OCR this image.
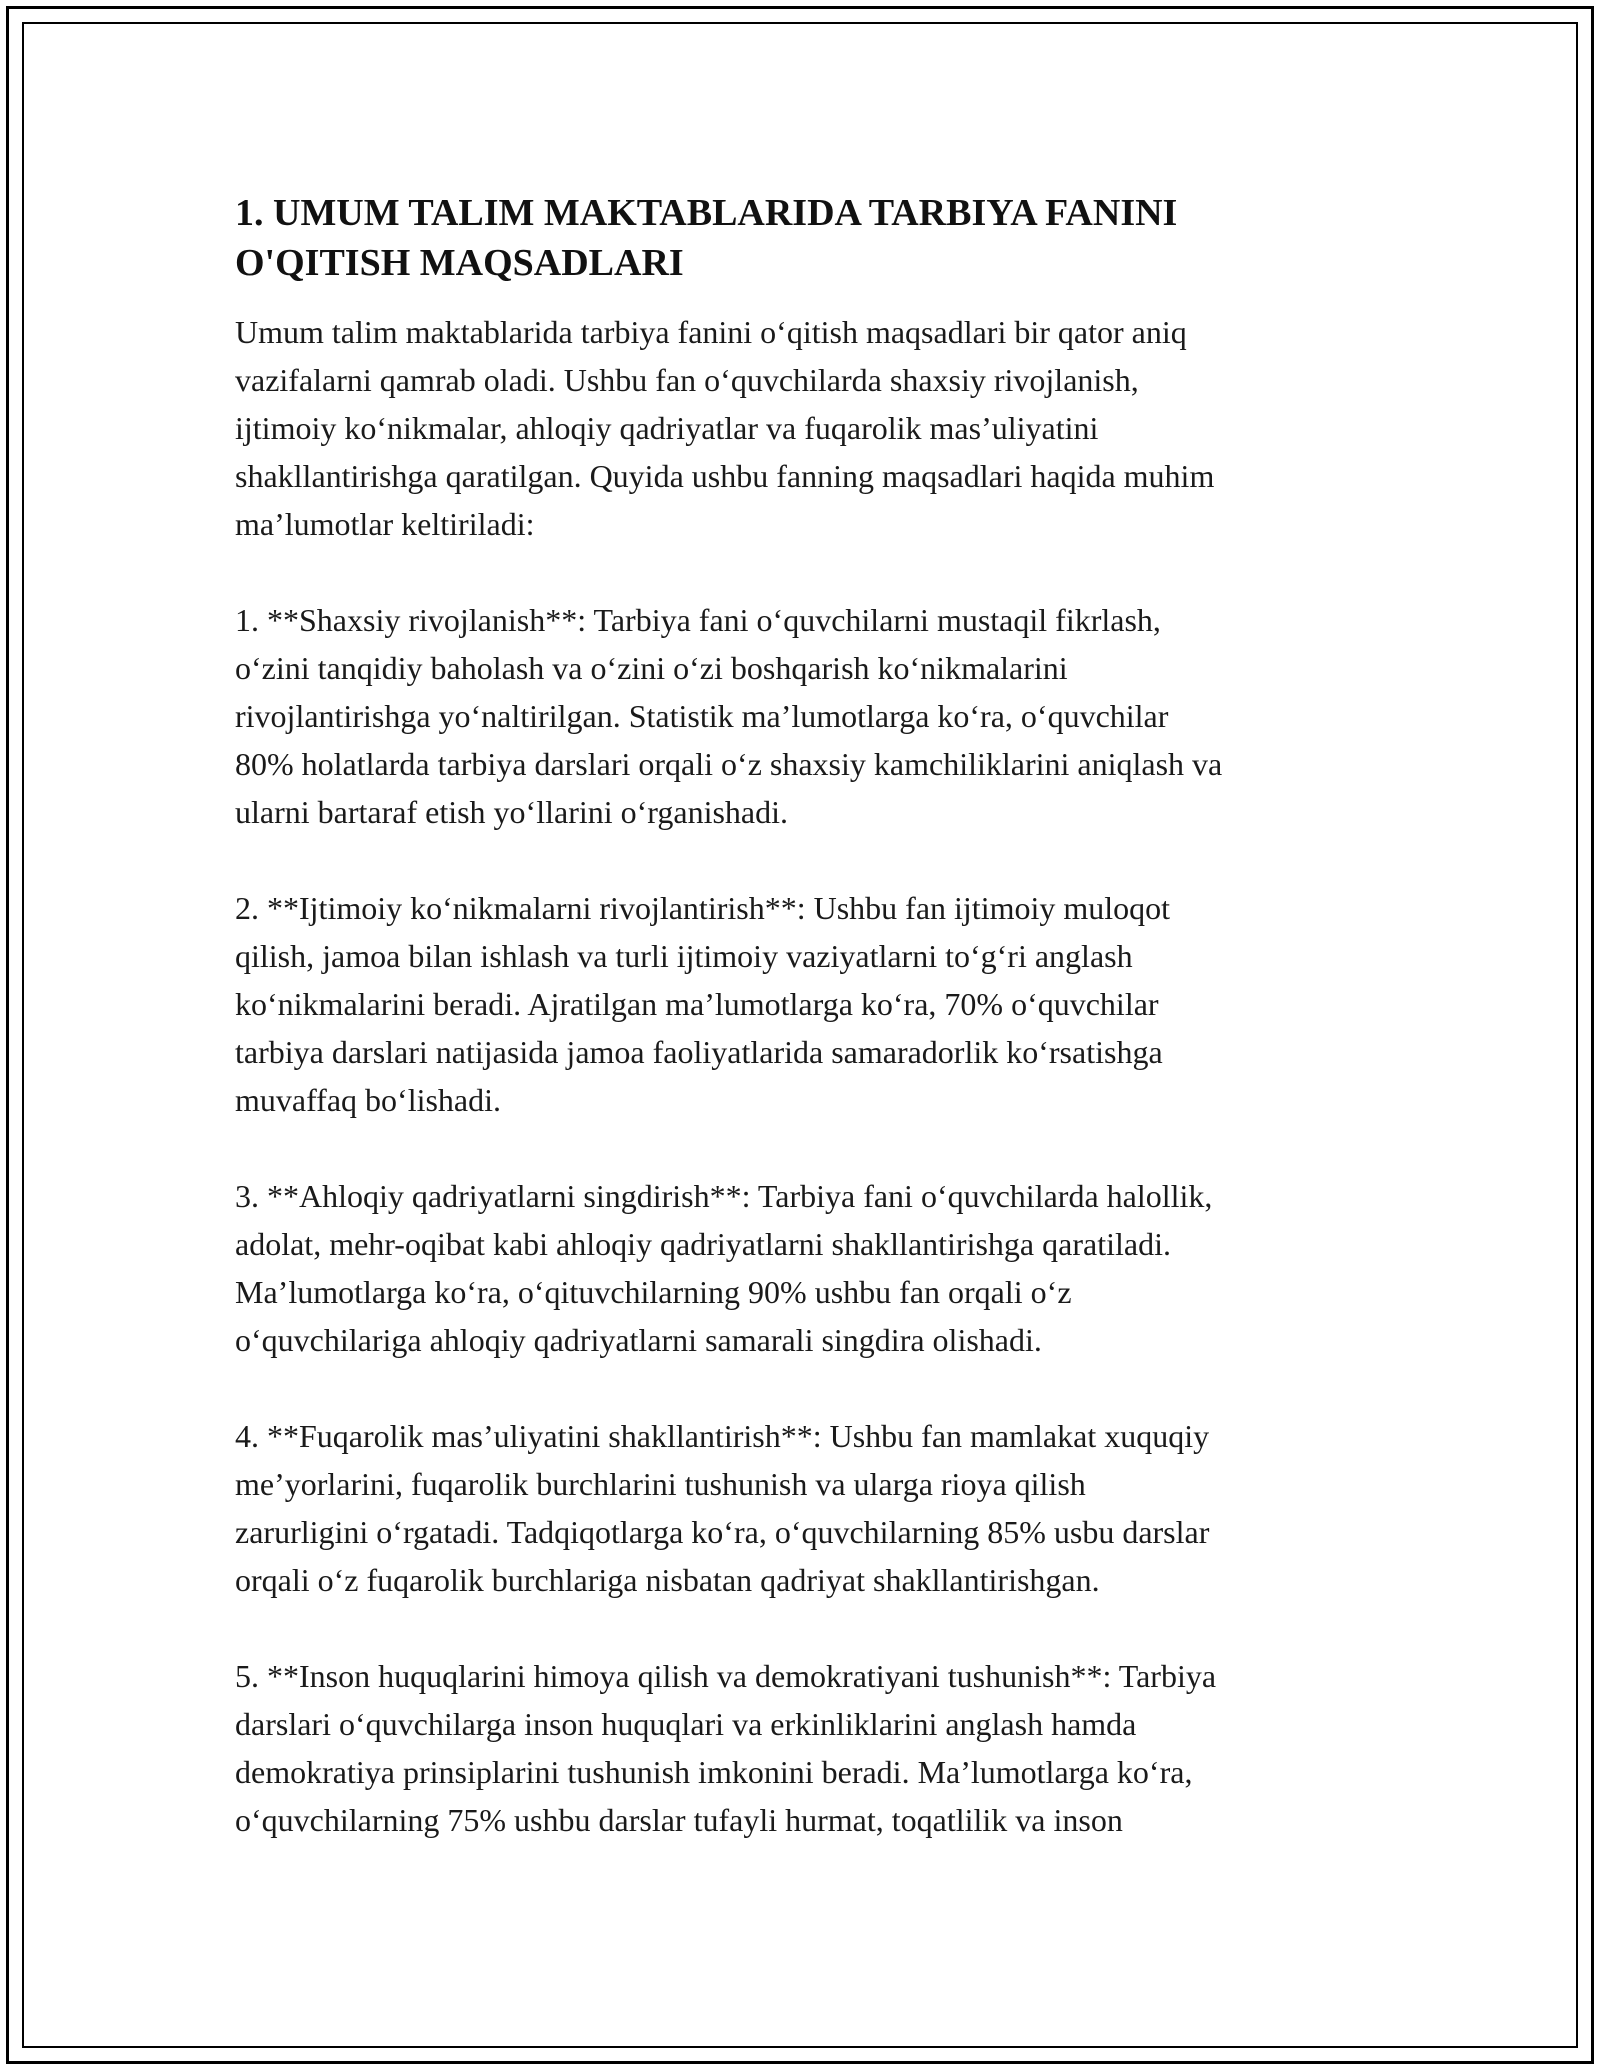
1. UMUM TALIM MAKTABLARIDA TARBIYA FANINI
O'QITISH MAQSADLARI

Umum talim maktablarida tarbiya fanini o‘qitish maqsadlari bir qator aniq
vazifalarni qamrab oladi. Ushbu fan o‘quvchilarda shaxsiy rivojlanish,
ijtimoiy ko‘nikmalar, ahloqiy qadriyatlar va fuqarolik mas’uliyatini
shakllantirishga qaratilgan. Quyida ushbu fanning maqsadlari haqida muhim
ma’lumotlar keltiriladi:

1. **Shaxsiy rivojlanish**: Tarbiya fani o‘quvchilarni mustaqil fikrlash,
o‘zini tanqidiy baholash va o‘zini o‘zi boshqarish ko‘nikmalarini
rivojlantirishga yo‘naltirilgan. Statistik ma’lumotlarga ko‘ra, o‘quvchilar
80% holatlarda tarbiya darslari orqali o‘z shaxsiy kamchiliklarini aniqlash va
ularni bartaraf etish yo‘llarini o‘rganishadi.

2. **Ijtimoiy ko‘nikmalarni rivojlantirish**: Ushbu fan ijtimoiy muloqot
qilish, jamoa bilan ishlash va turli ijtimoiy vaziyatlarni to‘g‘ri anglash
ko‘nikmalarini beradi. Ajratilgan ma’lumotlarga ko‘ra, 70% o‘quvchilar
tarbiya darslari natijasida jamoa faoliyatlarida samaradorlik ko‘rsatishga
muvaffaq bo‘lishadi.

3. **Ahloqiy qadriyatlarni singdirish**: Tarbiya fani o‘quvchilarda halollik,
adolat, mehr-oqibat kabi ahloqiy qadriyatlarni shakllantirishga qaratiladi.
Ma’lumotlarga ko‘ra, o‘qituvchilarning 90% ushbu fan orqali o‘z
o‘quvchilariga ahloqiy qadriyatlarni samarali singdira olishadi.

4. **Fuqarolik mas’uliyatini shakllantirish**: Ushbu fan mamlakat xuquqiy
me’yorlarini, fuqarolik burchlarini tushunish va ularga rioya qilish
zarurligini o‘rgatadi. Tadqiqotlarga ko‘ra, o‘quvchilarning 85% usbu darslar
orqali o‘z fuqarolik burchlariga nisbatan qadriyat shakllantirishgan.

5. **Inson huquqlarini himoya qilish va demokratiyani tushunish**: Tarbiya
darslari o‘quvchilarga inson huquqlari va erkinliklarini anglash hamda
demokratiya prinsiplarini tushunish imkonini beradi. Ma’lumotlarga ko‘ra,
o‘quvchilarning 75% ushbu darslar tufayli hurmat, toqatlilik va inson
